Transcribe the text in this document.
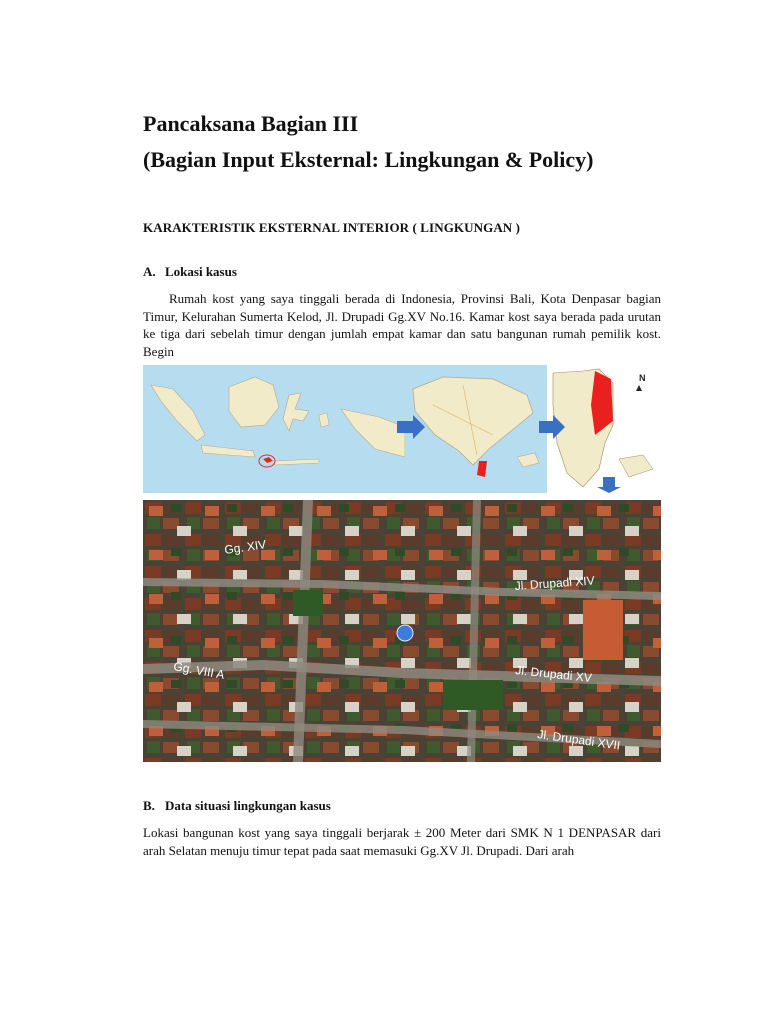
Pancaksana Bagian III
(Bagian Input Eksternal: Lingkungan & Policy)
KARAKTERISTIK EKSTERNAL INTERIOR ( LINGKUNGAN )
A. Lokasi kasus
Rumah kost yang saya tinggali berada di Indonesia, Provinsi Bali, Kota Denpasar bagian Timur, Kelurahan Sumerta Kelod, Jl. Drupadi Gg.XV No.16. Kamar kost saya berada pada urutan ke tiga dari sebelah timur dengan jumlah empat kamar dan satu bangunan rumah pemilik kost. Begin
N
Gg. XIV
Gg. VIII A
Jl. Drupadi XIV
Jl. Drupadi XV
Jl. Drupadi XVII
B. Data situasi lingkungan kasus
Lokasi bangunan kost yang saya tinggali berjarak ± 200 Meter dari SMK N 1 DENPASAR dari arah Selatan menuju timur tepat pada saat memasuki Gg.XV Jl. Drupadi. Dari arah
